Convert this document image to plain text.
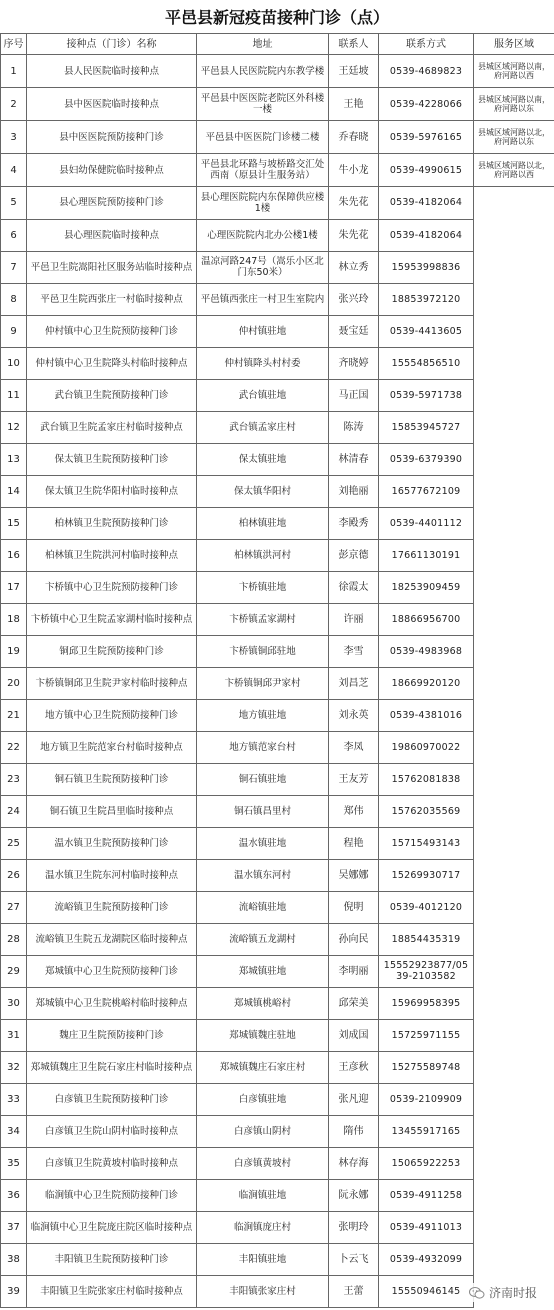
平邑县新冠疫苗接种门诊（点）
序号	接种点（门诊）名称	地址	联系人	联系方式	服务区域
1	县人民医院临时接种点	平邑县人民医院院内东教学楼	王廷坡	0539-4689823	县城区域河路以南，府河路以西
2	县中医医院临时接种点	平邑县中医医院老院区外科楼一楼	王艳	0539-4228066	县城区域河路以南，府河路以东
3	县中医医院预防接种门诊	平邑县中医医院门诊楼二楼	乔春晓	0539-5976165	县城区域河路以北，府河路以东
4	县妇幼保健院临时接种点	平邑县北环路与坡桥路交汇处西南（原县计生服务站）	牛小龙	0539-4990615	县城区域河路以北，府河路以西
5	县心理医院预防接种门诊	县心理医院院内东保障供应楼1楼	朱先花	0539-4182064	
6	县心理医院临时接种点	心理医院院内北办公楼1楼	朱先花	0539-4182064	
7	平邑卫生院嵩阳社区服务站临时接种点	温凉河路247号（嵩乐小区北门东50米）	林立秀	15953998836	
8	平邑卫生院西张庄一村临时接种点	平邑镇西张庄一村卫生室院内	张兴玲	18853972120	
9	仲村镇中心卫生院预防接种门诊	仲村镇驻地	聂宝廷	0539-4413605	
10	仲村镇中心卫生院降头村临时接种点	仲村镇降头村村委	齐晓婷	15554856510	
11	武台镇卫生院预防接种门诊	武台镇驻地	马正国	0539-5971738	
12	武台镇卫生院孟家庄村临时接种点	武台镇孟家庄村	陈涛	15853945727	
13	保太镇卫生院预防接种门诊	保太镇驻地	林清春	0539-6379390	
14	保太镇卫生院华阳村临时接种点	保太镇华阳村	刘艳丽	16577672109	
15	柏林镇卫生院预防接种门诊	柏林镇驻地	李殿秀	0539-4401112	
16	柏林镇卫生院洪河村临时接种点	柏林镇洪河村	彭京德	17661130191	
17	卞桥镇中心卫生院预防接种门诊	卞桥镇驻地	徐霞太	18253909459	
18	卞桥镇中心卫生院孟家湖村临时接种点	卞桥镇孟家湖村	许丽	18866956700	
19	铜邱卫生院预防接种门诊	卞桥镇铜邱驻地	李雪	0539-4983968	
20	卞桥镇铜邱卫生院尹家村临时接种点	卞桥镇铜邱尹家村	刘昌芝	18669920120	
21	地方镇中心卫生院预防接种门诊	地方镇驻地	刘永英	0539-4381016	
22	地方镇卫生院范家台村临时接种点	地方镇范家台村	李凤	19860970022	
23	铜石镇卫生院预防接种门诊	铜石镇驻地	王友芳	15762081838	
24	铜石镇卫生院昌里临时接种点	铜石镇昌里村	郑伟	15762035569	
25	温水镇卫生院预防接种门诊	温水镇驻地	程艳	15715493143	
26	温水镇卫生院东河村临时接种点	温水镇东河村	吴娜娜	15269930717	
27	流峪镇卫生院预防接种门诊	流峪镇驻地	倪明	0539-4012120	
28	流峪镇卫生院五龙湖院区临时接种点	流峪镇五龙湖村	孙向民	18854435319	
29	郑城镇中心卫生院预防接种门诊	郑城镇驻地	李明丽	15552923877/0539-2103582	
30	郑城镇中心卫生院桃峪村临时接种点	郑城镇桃峪村	邱荣美	15969958395	
31	魏庄卫生院预防接种门诊	郑城镇魏庄驻地	刘成国	15725971155	
32	郑城镇魏庄卫生院石家庄村临时接种点	郑城镇魏庄石家庄村	王彦秋	15275589748	
33	白彦镇卫生院预防接种门诊	白彦镇驻地	张凡迎	0539-2109909	
34	白彦镇卫生院山阴村临时接种点	白彦镇山阴村	隋伟	13455917165	
35	白彦镇卫生院黄坡村临时接种点	白彦镇黄坡村	林存海	15065922253	
36	临涧镇中心卫生院预防接种门诊	临涧镇驻地	阮永娜	0539-4911258	
37	临涧镇中心卫生院庞庄院区临时接种点	临涧镇庞庄村	张明玲	0539-4911013	
38	丰阳镇卫生院预防接种门诊	丰阳镇驻地	卜云飞	0539-4932099	
39	丰阳镇卫生院张家庄村临时接种点	丰阳镇张家庄村	王蕾	15550946145	济南时报
